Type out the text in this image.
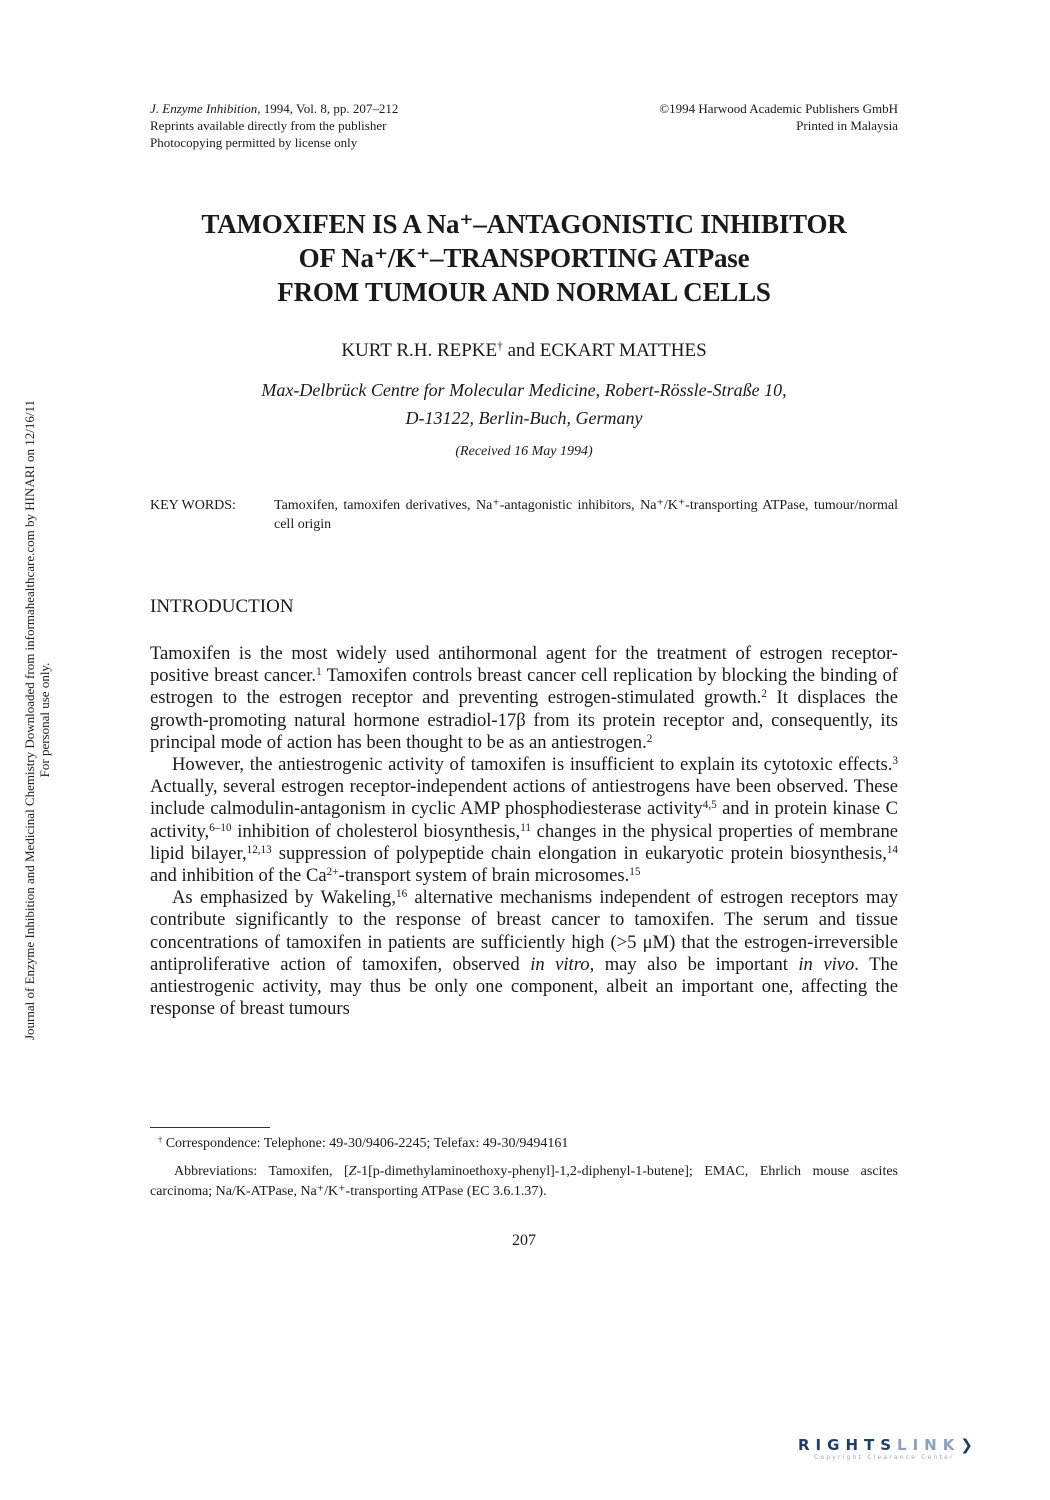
J. Enzyme Inhibition, 1994, Vol. 8, pp. 207–212
Reprints available directly from the publisher
Photocopying permitted by license only
©1994 Harwood Academic Publishers GmbH
Printed in Malaysia
TAMOXIFEN IS A Na⁺–ANTAGONISTIC INHIBITOR
OF Na⁺/K⁺–TRANSPORTING ATPase
FROM TUMOUR AND NORMAL CELLS
KURT R.H. REPKE† and ECKART MATTHES
Max-Delbrück Centre for Molecular Medicine, Robert-Rössle-Straße 10,
D-13122, Berlin-Buch, Germany
(Received 16 May 1994)
KEY WORDS:	Tamoxifen, tamoxifen derivatives, Na⁺-antagonistic inhibitors, Na⁺/K⁺-transporting ATPase, tumour/normal cell origin
INTRODUCTION

Tamoxifen is the most widely used antihormonal agent for the treatment of estrogen receptor-positive breast cancer.$^1$ Tamoxifen controls breast cancer cell replication by blocking the binding of estrogen to the estrogen receptor and preventing estrogen-stimulated growth.$^2$ It displaces the growth-promoting natural hormone estradiol-17β from its protein receptor and, consequently, its principal mode of action has been thought to be as an antiestrogen.$^2$

However, the antiestrogenic activity of tamoxifen is insufficient to explain its cytotoxic effects.$^3$ Actually, several estrogen receptor-independent actions of antiestrogens have been observed. These include calmodulin-antagonism in cyclic AMP phosphodiesterase activity$^{4,5}$ and in protein kinase C activity,$^{6-10}$ inhibition of cholesterol biosynthesis,$^{11}$ changes in the physical properties of membrane lipid bilayer,$^{12,13}$ suppression of polypeptide chain elongation in eukaryotic protein biosynthesis,$^{14}$ and inhibition of the $Ca^{2+}$-transport system of brain microsomes.$^{15}$

As emphasized by Wakeling,$^{16}$ alternative mechanisms independent of estrogen receptors may contribute significantly to the response of breast cancer to tamoxifen. The serum and tissue concentrations of tamoxifen in patients are sufficiently high (>5 μM) that the estrogen-irreversible antiproliferative action of tamoxifen, observed in vitro, may also be important in vivo. The antiestrogenic activity, may thus be only one component, albeit an important one, affecting the response of breast tumours

† Correspondence: Telephone: 49-30/9406-2245; Telefax: 49-30/9494161

Abbreviations: Tamoxifen, [Z-1[p-dimethylaminoethoxy-phenyl]-1,2-diphenyl-1-butene]; EMAC, Ehrlich mouse ascites carcinoma; Na/K-ATPase, Na⁺/K⁺-transporting ATPase (EC 3.6.1.37).

207
Journal of Enzyme Inhibition and Medicinal Chemistry Downloaded from informahealthcare.com by HINARI on 12/16/11 For personal use only.
RIGHTSLINK❯
Copyright Clearance Center
